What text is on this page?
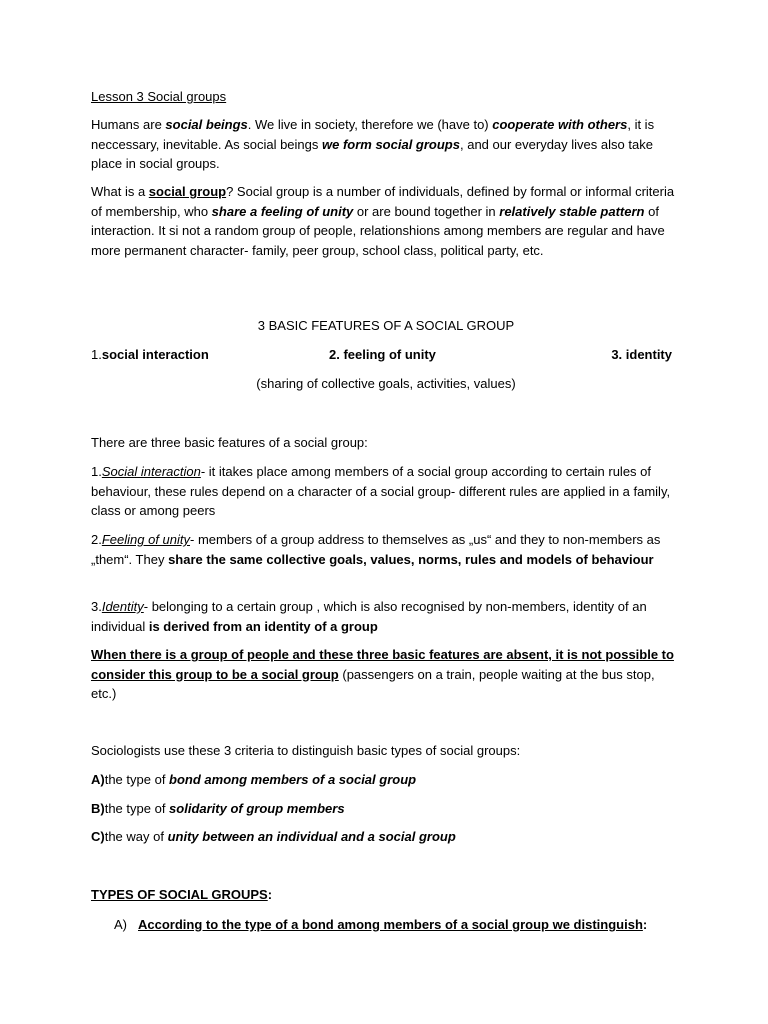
Lesson 3 Social groups

Humans are social beings. We live in society, therefore we (have to) cooperate with others, it is neccessary, inevitable. As social beings we form social groups, and our everyday lives also take place in social groups.

What is a social group? Social group is a number of individuals, defined by formal or informal criteria of membership, who share a feeling of unity or are bound together in relatively stable pattern of interaction. It si not a random group of people, relationshions among members are regular and have more permanent character- family, peer group, school class, political party, etc.

3 BASIC FEATURES OF A SOCIAL GROUP
1.social interaction	2. feeling of unity	3. identity
(sharing of collective goals, activities, values)

There are three basic features of a social group:

1.Social interaction- it itakes place among members of a social group according to certain rules of behaviour, these rules depend on a character of a social group- different rules are applied in a family, class or among peers

2.Feeling of unity- members of a group address to themselves as „us“ and they to non-members as „them“. They share the same collective goals, values, norms, rules and models of behaviour

3.Identity- belonging to a certain group , which is also recognised by non-members, identity of an individual is derived from an identity of a group

When there is a group of people and these three basic features are absent, it is not possible to consider this group to be a social group (passengers on a train, people waiting at the bus stop, etc.)

Sociologists use these 3 criteria to distinguish basic types of social groups:

A)the type of bond among members of a social group

B)the type of solidarity of group members

C)the way of unity between an individual and a social group

TYPES OF SOCIAL GROUPS:

A) According to the type of a bond among members of a social group we distinguish:
